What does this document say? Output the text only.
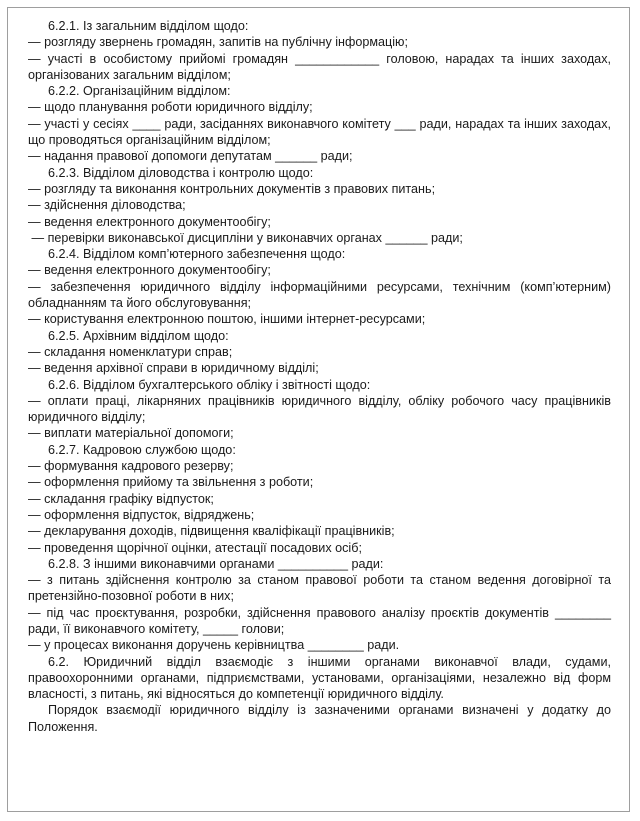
6.2.1. Із загальним відділом щодо:

— розгляду звернень громадян, запитів на публічну інформацію;

— участі в особистому прийомі громадян ____________ головою, нарадах та інших заходах, організованих загальним відділом;

6.2.2. Організаційним відділом:

— щодо планування роботи юридичного відділу;

— участі у сесіях ____ ради, засіданнях виконавчого комітету ___ ради, нарадах та інших заходах, що проводяться організаційним відділом;

— надання правової допомоги депутатам ______ ради;

6.2.3. Відділом діловодства і контролю щодо:

— розгляду та виконання контрольних документів з правових питань;

— здійснення діловодства;

— ведення електронного документообігу;

— перевірки виконавської дисципліни у виконавчих органах ______ ради;

6.2.4. Відділом комп’ютерного забезпечення щодо:

— ведення електронного документообігу;

— забезпечення юридичного відділу інформаційними ресурсами, технічним (комп’ютерним) обладнанням та його обслуговування;

— користування електронною поштою, іншими інтернет-ресурсами;

6.2.5. Архівним відділом щодо:

— складання номенклатури справ;

— ведення архівної справи в юридичному відділі;

6.2.6. Відділом бухгалтерського обліку і звітності щодо:

— оплати праці, лікарняних працівників юридичного відділу, обліку робочого часу працівників юридичного відділу;

— виплати матеріальної допомоги;

6.2.7. Кадровою службою щодо:

— формування кадрового резерву;

— оформлення прийому та звільнення з роботи;

— складання графіку відпусток;

— оформлення відпусток, відряджень;

— декларування доходів, підвищення кваліфікації працівників;

— проведення щорічної оцінки, атестації посадових осіб;

6.2.8. З іншими виконавчими органами __________ ради:

— з питань здійснення контролю за станом правової роботи та станом ведення договірної та претензійно-позовної роботи в них;

— під час проєктування, розробки, здійснення правового аналізу проєктів документів ________ ради, її виконавчого комітету, _____ голови;

— у процесах виконання доручень керівництва ________ ради.

6.2. Юридичний відділ взаємодіє з іншими органами виконавчої влади, судами, правоохоронними органами, підприємствами, установами, організаціями, незалежно від форм власності, з питань, які відносяться до компетенції юридичного відділу.

Порядок взаємодії юридичного відділу із зазначеними органами визначені у додатку до Положення.
